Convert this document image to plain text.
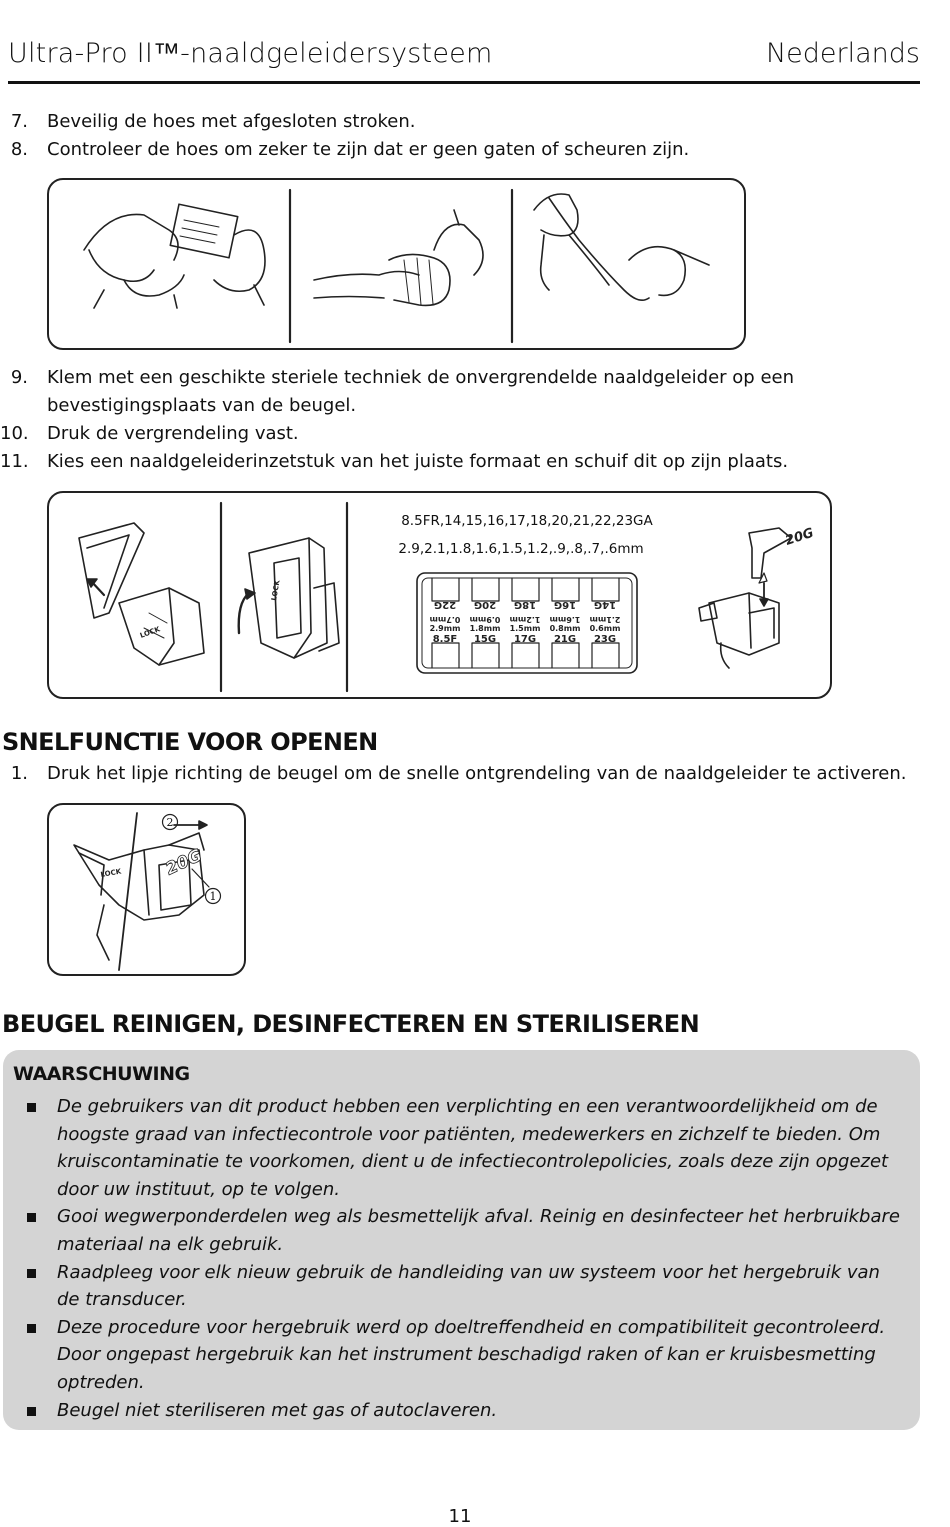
Ultra-Pro II™-naaldgeleidersysteem	Nederlands
7. Beveilig de hoes met afgesloten stroken.
8. Controleer de hoes om zeker te zijn dat er geen gaten of scheuren zijn.
9. Klem met een geschikte steriele techniek de onvergrendelde naaldgeleider op een bevestigingsplaats van de beugel.
10. Druk de vergrendeling vast.
11. Kies een naaldgeleiderinzetstuk van het juiste formaat en schuif dit op zijn plaats.
8.5FR,14,15,16,17,18,20,21,22,23GA
2.9,2.1,1.8,1.6,1.5,1.2,.9,.8,.7,.6mm
22G 20G 18G 16G 14G
0.7mm 0.9mm 1.2mm 1.6mm 2.1mm
2.9mm 1.8mm 1.5mm 0.8mm 0.6mm
8.5F 15G 17G 21G 23G
20G
LOCK
LOCK
SNELFUNCTIE VOOR OPENEN
1. Druk het lipje richting de beugel om de snelle ontgrendeling van de naaldgeleider te activeren.
2
1
20G
LOCK
BEUGEL REINIGEN, DESINFECTEREN EN STERILISEREN
WAARSCHUWING
De gebruikers van dit product hebben een verplichting en een verantwoordelijkheid om de hoogste graad van infectiecontrole voor patiënten, medewerkers en zichzelf te bieden. Om kruiscontaminatie te voorkomen, dient u de infectiecontrolepolicies, zoals deze zijn opgezet door uw instituut, op te volgen.
Gooi wegwerponderdelen weg als besmettelijk afval. Reinig en desinfecteer het herbruikbare materiaal na elk gebruik.
Raadpleeg voor elk nieuw gebruik de handleiding van uw systeem voor het hergebruik van de transducer.
Deze procedure voor hergebruik werd op doeltreffendheid en compatibiliteit gecontroleerd. Door ongepast hergebruik kan het instrument beschadigd raken of kan er kruisbesmetting optreden.
Beugel niet steriliseren met gas of autoclaveren.
11
